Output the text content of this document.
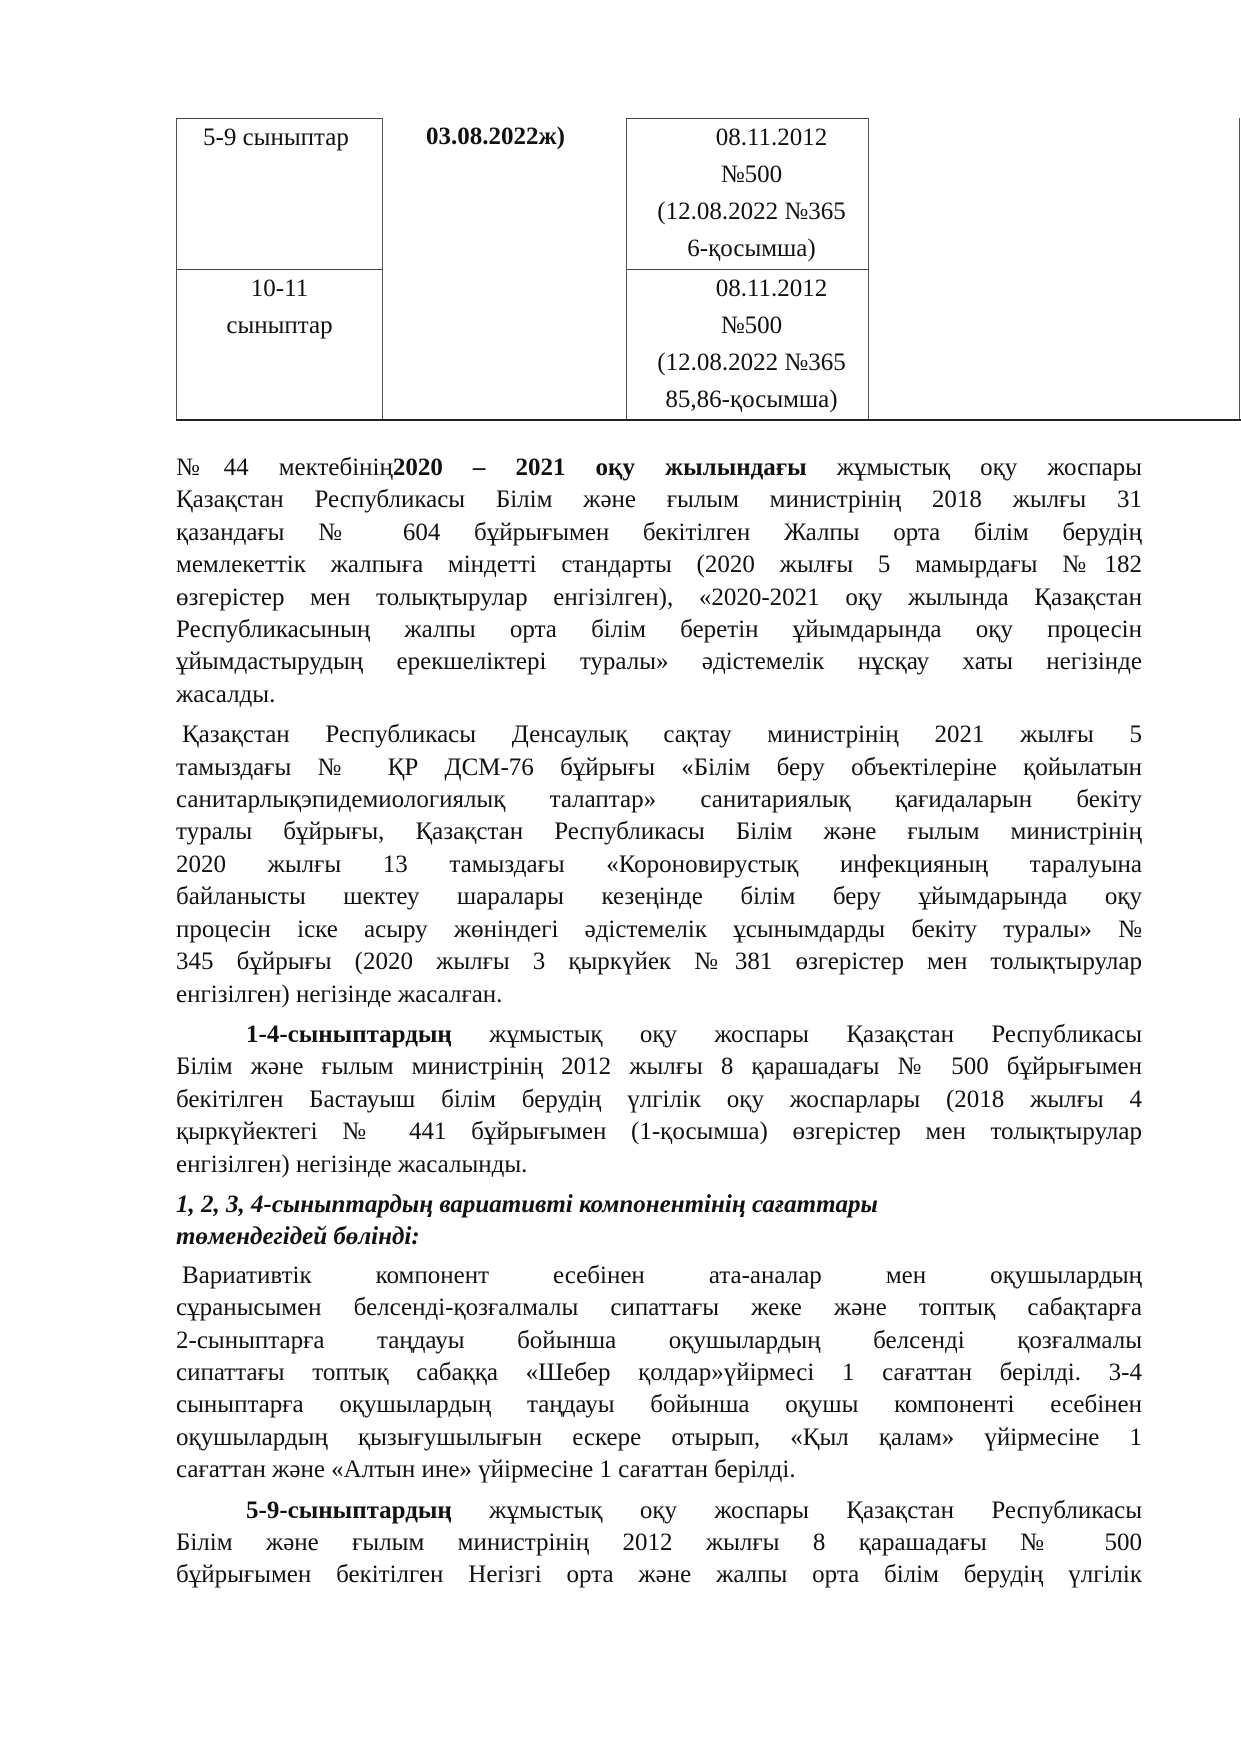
5-9 сыныптар
10-11
сыныптар
03.08.2022ж)	08.11.2012
№500
(12.08.2022 №365
6-қосымша)
08.11.2012
№500
(12.08.2022 №365
85,86-қосымша)

№44 мектебінің2020 – 2021 оқу жылындағы жұмыстық оқу жоспары
Қазақстан Республикасы Білім және ғылым министрінің 2018 жылғы 31
қазандағы № 604 бұйрығымен бекітілген Жалпы орта білім берудің
мемлекеттік жалпыға міндетті стандарты (2020 жылғы 5 мамырдағы №182
өзгерістер мен толықтырулар енгізілген), «2020-2021 оқу жылында Қазақстан
Республикасының жалпы орта білім беретін ұйымдарында оқу процесін
ұйымдастырудың ерекшеліктері туралы» әдістемелік нұсқау хаты негізінде
жасалды.

Қазақстан Республикасы Денсаулық сақтау министрінің 2021 жылғы 5
тамыздағы № ҚР ДСМ-76 бұйрығы «Білім беру объектілеріне қойылатын
санитарлықэпидемиологиялық талаптар» санитариялық қағидаларын бекіту
туралы бұйрығы, Қазақстан Республикасы Білім және ғылым министрінің
2020 жылғы 13 тамыздағы «Короновирустық инфекцияның таралуына
байланысты шектеу шаралары кезеңінде білім беру ұйымдарында оқу
процесін іске асыру жөніндегі әдістемелік ұсынымдарды бекіту туралы» №
345 бұйрығы (2020 жылғы 3 қыркүйек №381 өзгерістер мен толықтырулар
енгізілген) негізінде жасалған.

1-4-сыныптардың жұмыстық оқу жоспары Қазақстан Республикасы
Білім және ғылым министрінің 2012 жылғы 8 қарашадағы № 500 бұйрығымен
бекітілген Бастауыш білім берудің үлгілік оқу жоспарлары (2018 жылғы 4
қыркүйектегі № 441 бұйрығымен (1-қосымша) өзгерістер мен толықтырулар
енгізілген) негізінде жасалынды.

1, 2, 3, 4-сыныптардың вариативті компонентінің сағаттары
төмендегідей бөлінді:

Вариативтік компонент есебінен ата-аналар мен оқушылардың
сұранысымен белсенді-қозғалмалы сипаттағы жеке және топтық сабақтарға
2-сыныптарға таңдауы бойынша оқушылардың белсенді қозғалмалы
сипаттағы топтық сабаққа «Шебер қолдар»үйірмесі 1 сағаттан берілді. 3-4
сыныптарға оқушылардың таңдауы бойынша оқушы компоненті есебінен
оқушылардың қызығушылығын ескере отырып, «Қыл қалам» үйірмесіне 1
сағаттан және «Алтын ине» үйірмесіне 1 сағаттан берілді.

5-9-сыныптардың жұмыстық оқу жоспары Қазақстан Республикасы
Білім және ғылым министрінің 2012 жылғы 8 қарашадағы № 500
бұйрығымен бекітілген Негізгі орта және жалпы орта білім берудің үлгілік
